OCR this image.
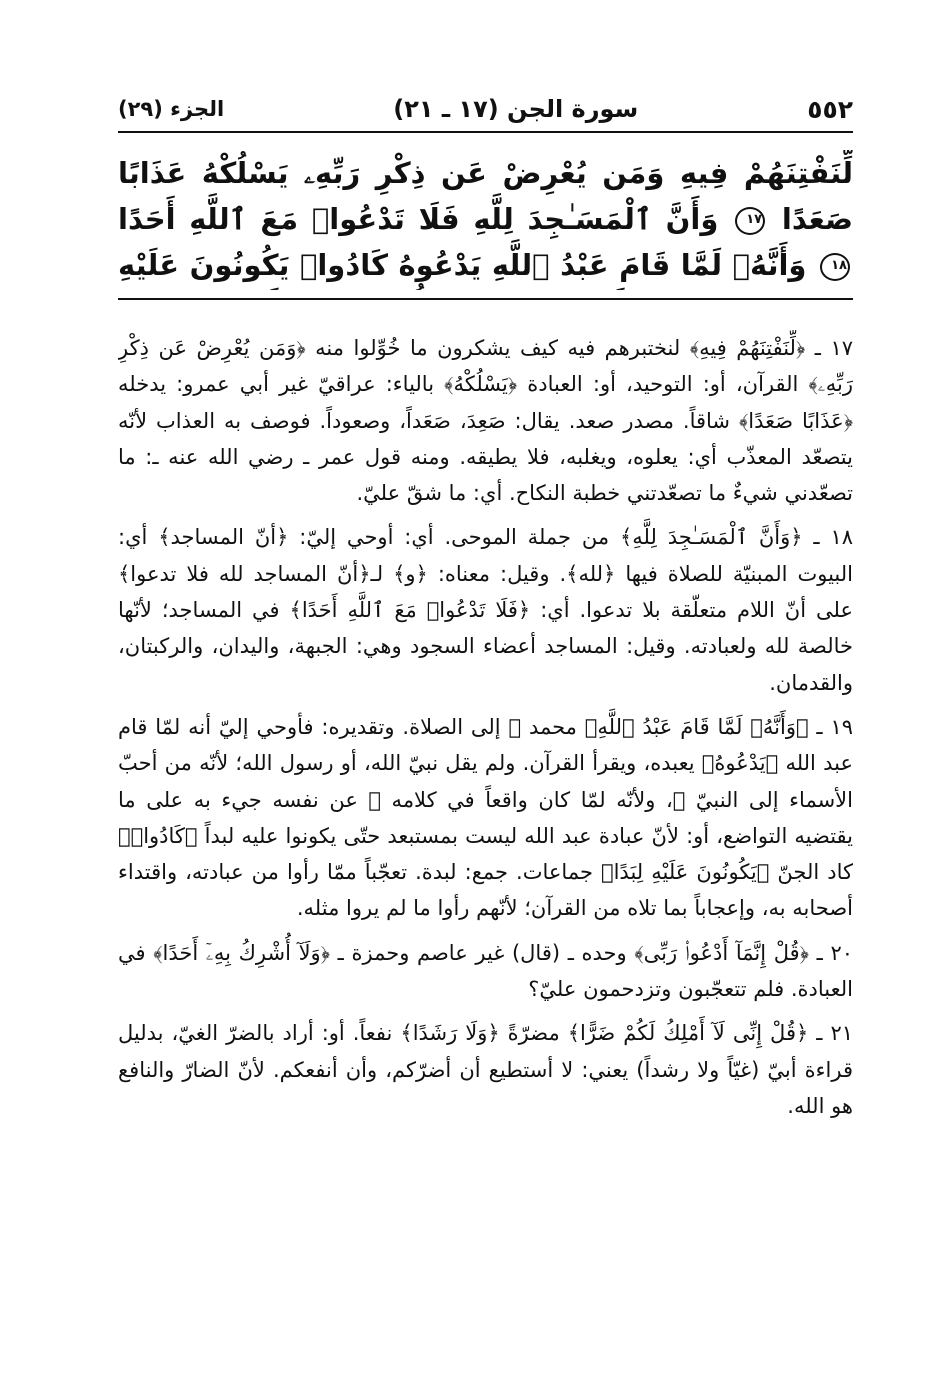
٥٥٢
سورة الجن (١٧ ـ ٢١)
الجزء (٢٩)
لِّنَفْتِنَهُمْ فِيهِ وَمَن يُعْرِضْ عَن ذِكْرِ رَبِّهِۦ يَسْلُكْهُ عَذَابًا صَعَدًا ١٧ وَأَنَّ ٱلْمَسَـٰجِدَ لِلَّهِ فَلَا تَدْعُوا۟ مَعَ ٱللَّهِ أَحَدًا ١٨ وَأَنَّهُۥ لَمَّا قَامَ عَبْدُ ٱللَّهِ يَدْعُوهُ كَادُوا۟ يَكُونُونَ عَلَيْهِ

١٧ ـ ﴿لِّنَفْتِنَهُمْ فِيهِ﴾ لنختبرهم فيه كيف يشكرون ما خُوِّلوا منه ﴿وَمَن يُعْرِضْ عَن ذِكْرِ رَبِّهِۦ﴾ القرآن، أو: التوحيد، أو: العبادة ﴿يَسْلُكْهُ﴾ بالياء: عراقيّ غير أبي عمرو: يدخله ﴿عَذَابًا صَعَدًا﴾ شاقاً. مصدر صعد. يقال: صَعِدَ، صَعَداً، وصعوداً. فوصف به العذاب لأنّه يتصعّد المعذّب أي: يعلوه، ويغلبه، فلا يطيقه. ومنه قول عمر ـ رضي الله عنه ـ: ما تصعّدني شيءٌ ما تصعّدتني خطبة النكاح. أي: ما شقّ عليّ.

١٨ ـ ﴿وَأَنَّ ٱلْمَسَـٰجِدَ لِلَّهِ﴾ من جملة الموحى. أي: أوحي إليّ: ﴿أنّ المساجد﴾ أي: البيوت المبنيّة للصلاة فيها ﴿لله﴾. وقيل: معناه: ﴿و﴾ لـ﴿أنّ المساجد لله فلا تدعوا﴾ على أنّ اللام متعلّقة بلا تدعوا. أي: ﴿فَلَا تَدْعُوا۟ مَعَ ٱللَّهِ أَحَدًا﴾ في المساجد؛ لأنّها خالصة لله ولعبادته. وقيل: المساجد أعضاء السجود وهي: الجبهة، واليدان، والركبتان، والقدمان.

١٩ ـ ﴿وَأَنَّهُۥ لَمَّا قَامَ عَبْدُ ٱللَّهِ﴾ محمد ﷺ إلى الصلاة. وتقديره: فأوحي إليّ أنه لمّا قام عبد الله ﴿يَدْعُوهُ﴾ يعبده، ويقرأ القرآن. ولم يقل نبيّ الله، أو رسول الله؛ لأنّه من أحبّ الأسماء إلى النبيّ ﷺ، ولأنّه لمّا كان واقعاً في كلامه ﷺ عن نفسه جيء به على ما يقتضيه التواضع، أو: لأنّ عبادة عبد الله ليست بمستبعد حتّى يكونوا عليه لبداً ﴿كَادُوا۟﴾ كاد الجنّ ﴿يَكُونُونَ عَلَيْهِ لِبَدًا﴾ جماعات. جمع: لبدة. تعجّباً ممّا رأوا من عبادته، واقتداء أصحابه به، وإعجاباً بما تلاه من القرآن؛ لأنّهم رأوا ما لم يروا مثله.

٢٠ ـ ﴿قُلْ إِنَّمَآ أَدْعُوا۟ رَبِّى﴾ وحده ـ (قال) غير عاصم وحمزة ـ ﴿وَلَآ أُشْرِكُ بِهِۦٓ أَحَدًا﴾ في العبادة. فلم تتعجّبون وتزدحمون عليّ؟

٢١ ـ ﴿قُلْ إِنِّى لَآ أَمْلِكُ لَكُمْ ضَرًّا﴾ مضرّةً ﴿وَلَا رَشَدًا﴾ نفعاً. أو: أراد بالضرّ الغيّ، بدليل قراءة أبيّ (غيّاً ولا رشداً) يعني: لا أستطيع أن أضرّكم، وأن أنفعكم. لأنّ الضارّ والنافع هو الله.
